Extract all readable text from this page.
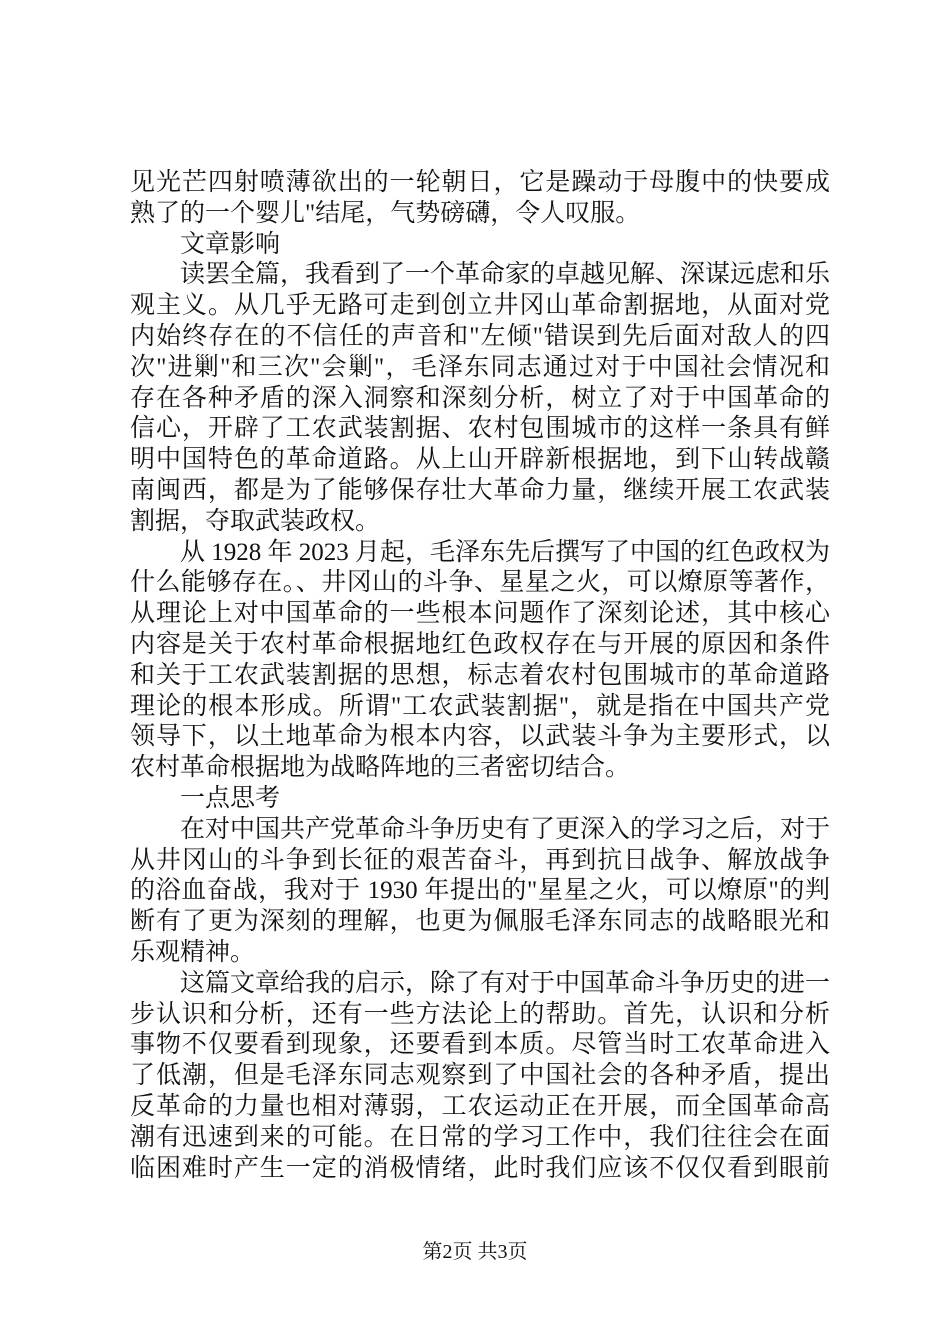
见光芒四射喷薄欲出的一轮朝日，它是躁动于母腹中的快要成
熟了的一个婴儿"结尾，气势磅礴，令人叹服。
文章影响
读罢全篇，我看到了一个革命家的卓越见解、深谋远虑和乐
观主义。从几乎无路可走到创立井冈山革命割据地，从面对党
内始终存在的不信任的声音和"左倾"错误到先后面对敌人的四
次"进剿"和三次"会剿"，毛泽东同志通过对于中国社会情况和
存在各种矛盾的深入洞察和深刻分析，树立了对于中国革命的
信心，开辟了工农武装割据、农村包围城市的这样一条具有鲜
明中国特色的革命道路。从上山开辟新根据地，到下山转战赣
南闽西，都是为了能够保存壮大革命力量，继续开展工农武装
割据，夺取武装政权。
从 1928 年 2023 月起，毛泽东先后撰写了中国的红色政权为
什么能够存在。、井冈山的斗争、星星之火，可以燎原等著作，
从理论上对中国革命的一些根本问题作了深刻论述，其中核心
内容是关于农村革命根据地红色政权存在与开展的原因和条件
和关于工农武装割据的思想，标志着农村包围城市的革命道路
理论的根本形成。所谓"工农武装割据"，就是指在中国共产党
领导下，以土地革命为根本内容，以武装斗争为主要形式，以
农村革命根据地为战略阵地的三者密切结合。
一点思考
在对中国共产党革命斗争历史有了更深入的学习之后，对于
从井冈山的斗争到长征的艰苦奋斗，再到抗日战争、解放战争
的浴血奋战，我对于 1930 年提出的"星星之火，可以燎原"的判
断有了更为深刻的理解，也更为佩服毛泽东同志的战略眼光和
乐观精神。
这篇文章给我的启示，除了有对于中国革命斗争历史的进一
步认识和分析，还有一些方法论上的帮助。首先，认识和分析
事物不仅要看到现象，还要看到本质。尽管当时工农革命进入
了低潮，但是毛泽东同志观察到了中国社会的各种矛盾，提出
反革命的力量也相对薄弱，工农运动正在开展，而全国革命高
潮有迅速到来的可能。在日常的学习工作中，我们往往会在面
临困难时产生一定的消极情绪，此时我们应该不仅仅看到眼前
第2页 共3页
